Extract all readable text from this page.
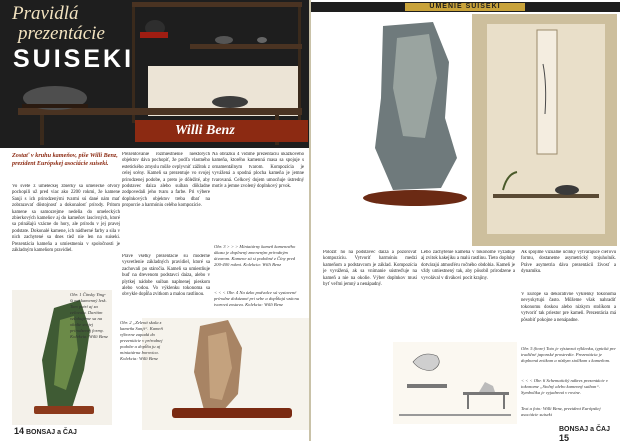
Pravidlá
prezentácie
SUISEKI
Willi Benz
Zostať v kruhu kameňov, píše Willi Benz, prezident Európskej asociácie suiseki.
Vo svete z umeleckej zbierky sa umelecké otvory pochopili už pred viac ako 2200 rokmi, že kamene Sanji s ich prirodzenými tvarmi sú dané nám mať zobrazovať dôstojnosť a dokonalosť prírody. Pritom kamene sa samozrejme nedelia do umeleckých zbierkových kameňov aj do kameňov lascivných, ktoré sa prinášajú vzácne do hory, ale prírodu v jej pravej podstate. Dokonalé kamene, ich nádherné farby a sila v nich zachytené sa dnes tiež nie len na suiseki. Prezentácia kameňa a umiestnenia v spoločnosti je základným kameňom pravidiel.
Prezentovanie rozmiestnenie niektorých objektov dáva pochopiť, že podľa vlastného estetického zmyslu môže ovplyvniť zážitok z celej scény. Kameň sa prezentuje vo svojej prirodzenej podobe, a preto je dôležité, aby podstavec daiza alebo suiban dôkladne zodpovedali jeho tvaru a farbe. Pri výbere doplnkových objektov treba dbať na proporcie a harmóniu celého kompozície.
Pravé všetky prezentácie sú moderné vysvetlenie základných pravidiel, ktoré sa zachovali po stáročia. Kameň sa umiestňuje buď na drevenom podstavci daiza, alebo v plytkej nádobe suiban naplnenej pieskom alebo vodou. Vo výklenku tokonoma sa obvykle dopĺňa zvitkom a malou rastlinou.
Na obrázku 4 vidíme prezentáciu ukážkového kameňa, ktorého kamenná masa sa spojuje s ornamentálnym tvarom. Kompozícia je vyvážená a spodná plocha kameňa je jemne tvarovaná. Celkový dojem umocňuje ústredný motív a jemne zvolený doplnkový prvok.
Obr. 1 Čínsky Ying-ši má kamenný lesk. Tam patrí aj za celovala. Daritim vzťahujeme sa na okolie svojej prirodzenej formy. Kolekcia: Willi Benz
Obr. 2 „Zelená skala z kameňa Sanji“. Kameň výborne zapadá do prezentácie v prírodnej podobe a dopĺňa ju aj miniatúrna borovica. Kolekcia: Willi Benz
14 BONSAJ a ČAJ
UMENIE SUISEKI
Položiť ho na podstavec daiza a pozorovať kompozíciu. Vytvoriť harmóniu medzi kameňom a podstavcom je základ. Kompozícia je vyvážená, ak sa vnímanie sústreďuje na kameň a nie na okolie. Výber doplnkov musí byť veľmi jemný a nenápadný.
Lebo zachytenie kameňa v tokonome vyžaduje aj zvitok kakejiku a malú rastlinu. Tieto doplnky dotvárajú atmosféru ročného obdobia. Kameň je vždy umiestnený tak, aby pôsobil prirodzene a vyvolával v divákovi pocit krajiny.
Ak spojíme vizuálne účinky vytvárajúce cieľovú formu, dostaneme asymetrický trojuholník. Práve asymetria dáva prezentácii živosť a dynamiku.
V Európe sa dekoratívne výklenky tokonoma nevyskytujú často. Môžeme však nahradiť tokonomu doskou alebo nízkym stolíkom a vytvoriť tak priestor pre kameň. Prezentácia má pôsobiť pokojne a nenápadne.
Obr. 5 (hore) Toto je výstavná výklenka, typická pre tradičné japonské prostredie. Prezentácia je doplnená zvitkom a nízkym stolíkom s kameňom.
< < < Obr. 6 Schematický nákres prezentácie v tokonome „Stolný alebo kamenný suiban“. Symbolika je vyjadrená v rovine.
Text a foto: Willi Benz, prezident Európskej asociácie suiseki
BONSAJ a ČAJ 15
Obr. 3 > > > Miniatúrny kameň kamenného úkazu je doplnený zmeneným prírodným útvarom. Kamene sú si podobné z Číny pred 200-400 rokmi. Kolekcia: Willi Benz
< < < Obr. 4 Na úzko podvalce sú vystavené prírodne dokázané pri sebe a dopĺňajú vzácnu tvarovú zostavu. Kolekcia: Willi Benz
